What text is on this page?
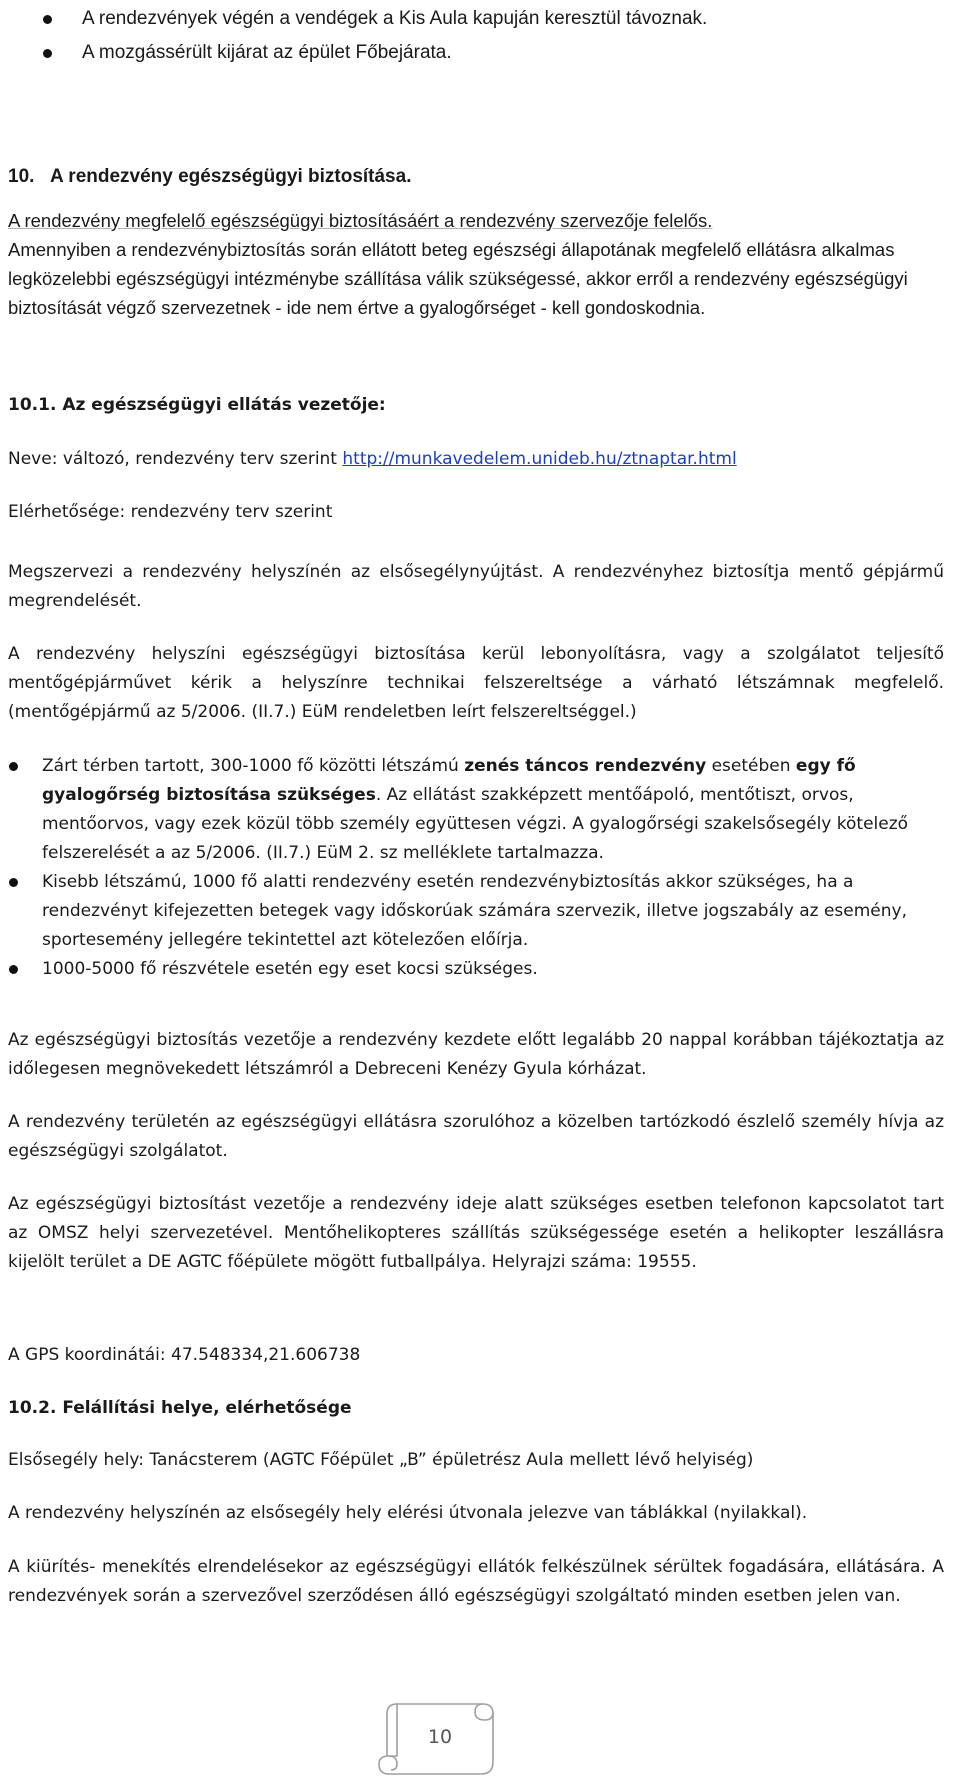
A rendezvények végén a vendégek a Kis Aula kapuján keresztül távoznak.
A mozgássérült kijárat az épület Főbejárata.
10. A rendezvény egészségügyi biztosítása.

A rendezvény megfelelő egészségügyi biztosításáért a rendezvény szervezője felelős.
Amennyiben a rendezvénybiztosítás során ellátott beteg egészségi állapotának megfelelő ellátásra alkalmas legközelebbi egészségügyi intézménybe szállítása válik szükségessé, akkor erről a rendezvény egészségügyi biztosítását végző szervezetnek - ide nem értve a gyalogőrséget - kell gondoskodnia.

10.1. Az egészségügyi ellátás vezetője:

Neve: változó, rendezvény terv szerint http://munkavedelem.unideb.hu/ztnaptar.html

Elérhetősége: rendezvény terv szerint

Megszervezi a rendezvény helyszínén az elsősegélynyújtást. A rendezvényhez biztosítja mentő gépjármű megrendelését.

A rendezvény helyszíni egészségügyi biztosítása kerül lebonyolításra, vagy a szolgálatot teljesítő mentőgépjárművet kérik a helyszínre technikai felszereltsége a várható létszámnak megfelelő. (mentőgépjármű az 5/2006. (II.7.) EüM rendeletben leírt felszereltséggel.)

Zárt térben tartott, 300-1000 fő közötti létszámú zenés táncos rendezvény esetében egy fő gyalogőrség biztosítása szükséges. Az ellátást szakképzett mentőápoló, mentőtiszt, orvos, mentőorvos, vagy ezek közül több személy együttesen végzi. A gyalogőrségi szakelsősegély kötelező felszerelését a az 5/2006. (II.7.) EüM 2. sz melléklete tartalmazza.
Kisebb létszámú, 1000 fő alatti rendezvény esetén rendezvénybiztosítás akkor szükséges, ha a rendezvényt kifejezetten betegek vagy időskorúak számára szervezik, illetve jogszabály az esemény, sportesemény jellegére tekintettel azt kötelezően előírja.
1000-5000 fő részvétele esetén egy eset kocsi szükséges.

Az egészségügyi biztosítás vezetője a rendezvény kezdete előtt legalább 20 nappal korábban tájékoztatja az időlegesen megnövekedett létszámról a Debreceni Kenézy Gyula kórházat.

A rendezvény területén az egészségügyi ellátásra szorulóhoz a közelben tartózkodó észlelő személy hívja az egészségügyi szolgálatot.

Az egészségügyi biztosítást vezetője a rendezvény ideje alatt szükséges esetben telefonon kapcsolatot tart az OMSZ helyi szervezetével. Mentőhelikopteres szállítás szükségessége esetén a helikopter leszállásra kijelölt terület a DE AGTC főépülete mögött futballpálya. Helyrajzi száma: 19555.

A GPS koordinátái: 47.548334,21.606738

10.2. Felállítási helye, elérhetősége

Elsősegély hely: Tanácsterem (AGTC Főépület „B” épületrész Aula mellett lévő helyiség)

A rendezvény helyszínén az elsősegély hely elérési útvonala jelezve van táblákkal (nyilakkal).

A kiürítés- menekítés elrendelésekor az egészségügyi ellátók felkészülnek sérültek fogadására, ellátására. A rendezvények során a szervezővel szerződésen álló egészségügyi szolgáltató minden esetben jelen van.

10
